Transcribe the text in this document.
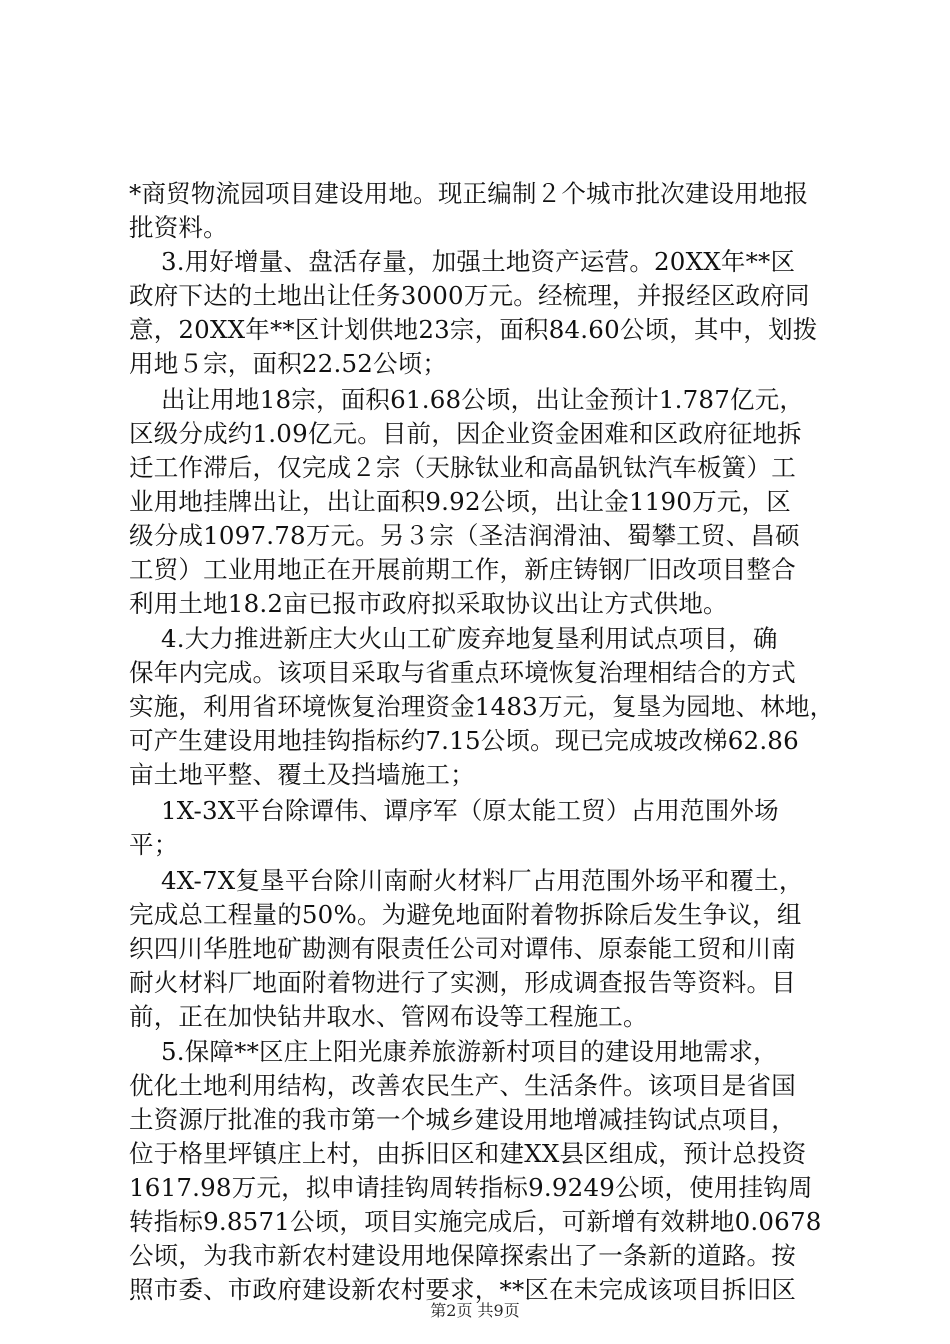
*商贸物流园项目建设用地。现正编制２个城市批次建设用地报
批资料。
3.用好增量、盘活存量，加强土地资产运营。20XX年**区
政府下达的土地出让任务3000万元。经梳理，并报经区政府同
意，20XX年**区计划供地23宗，面积84.60公顷，其中，划拨
用地５宗，面积22.52公顷；
出让用地18宗，面积61.68公顷，出让金预计1.787亿元，
区级分成约1.09亿元。目前，因企业资金困难和区政府征地拆
迁工作滞后，仅完成２宗（天脉钛业和高晶钒钛汽车板簧）工
业用地挂牌出让，出让面积9.92公顷，出让金1190万元，区
级分成1097.78万元。另３宗（圣洁润滑油、蜀攀工贸、昌硕
工贸）工业用地正在开展前期工作，新庄铸钢厂旧改项目整合
利用土地18.2亩已报市政府拟采取协议出让方式供地。
4.大力推进新庄大火山工矿废弃地复垦利用试点项目，确
保年内完成。该项目采取与省重点环境恢复治理相结合的方式
实施，利用省环境恢复治理资金1483万元，复垦为园地、林地，
可产生建设用地挂钩指标约7.15公顷。现已完成坡改梯62.86
亩土地平整、覆土及挡墙施工；
1X-3X平台除谭伟、谭序军（原太能工贸）占用范围外场
平；
4X-7X复垦平台除川南耐火材料厂占用范围外场平和覆土，
完成总工程量的50%。为避免地面附着物拆除后发生争议，组
织四川华胜地矿勘测有限责任公司对谭伟、原泰能工贸和川南
耐火材料厂地面附着物进行了实测，形成调查报告等资料。目
前，正在加快钻井取水、管网布设等工程施工。
5.保障**区庄上阳光康养旅游新村项目的建设用地需求，
优化土地利用结构，改善农民生产、生活条件。该项目是省国
土资源厅批准的我市第一个城乡建设用地增减挂钩试点项目，
位于格里坪镇庄上村，由拆旧区和建XX县区组成，预计总投资
1617.98万元，拟申请挂钩周转指标9.9249公顷，使用挂钩周
转指标9.8571公顷，项目实施完成后，可新增有效耕地0.0678
公顷，为我市新农村建设用地保障探索出了一条新的道路。按
照市委、市政府建设新农村要求，**区在未完成该项目拆旧区
第2页 共9页
